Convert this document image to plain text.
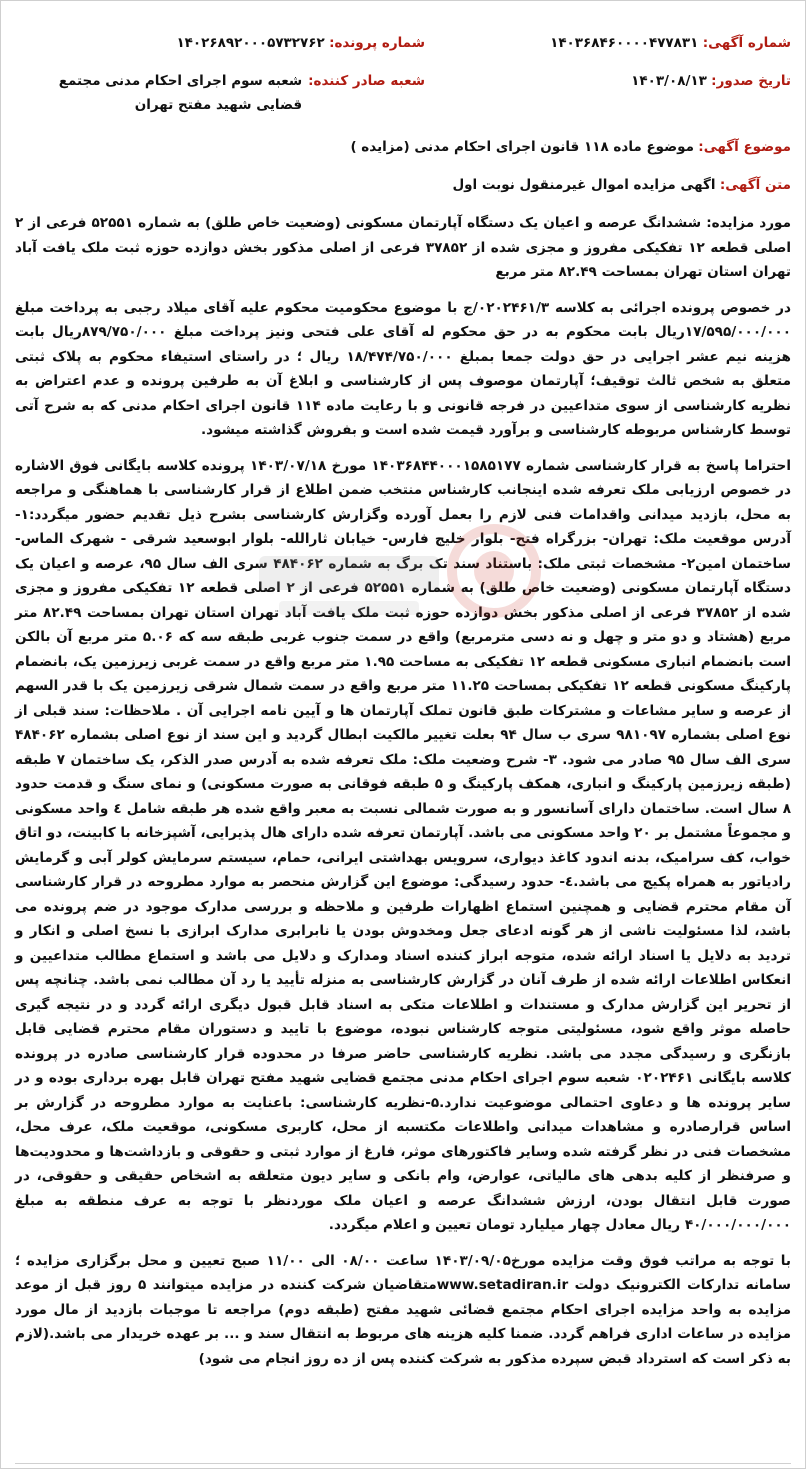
شماره آگهی: ۱۴۰۳۶۸۴۶۰۰۰۰۴۷۷۸۳۱
شماره پرونده: ۱۴۰۲۶۸۹۲۰۰۰۵۷۳۲۷۶۲
تاریخ صدور: ۱۴۰۳/۰۸/۱۳
شعبه صادر کننده:
شعبه سوم اجرای احکام مدنی مجتمع قضایی شهید مفتح تهران
موضوع آگهی: موضوع ماده ۱۱۸ قانون اجرای احکام مدنی (مزایده )
متن آگهی: اگهی مزایده اموال غیرمنقول نوبت اول

مورد مزایده: ششدانگ عرصه و اعیان یک دستگاه آپارتمان مسکونی (وضعیت خاص طلق) به شماره ۵۲۵۵۱ فرعی از ۲ اصلی قطعه ۱۲ تفکیکی مفروز و مجزی شده از ۳۷۸۵۲ فرعی از اصلی مذکور بخش دوازده حوزه ثبت ملک یافت آباد تهران استان تهران بمساحت ۸۲.۴۹ متر مربع

در خصوص پرونده اجرائی به کلاسه ۰۲۰۲۴۶۱/۳/ج با موضوع محکومیت محکوم علیه آقای میلاد رجبی به پرداخت مبلغ ۱۷/۵۹۵/۰۰۰/۰۰۰ریال بابت محکوم به در حق محکوم له آقای علی فتحی ونیز پرداخت مبلغ ۸۷۹/۷۵۰/۰۰۰ریال بابت هزینه نیم عشر اجرایی در حق دولت جمعا بمبلغ ۱۸/۴۷۴/۷۵۰/۰۰۰ ریال ؛ در راستای استیفاء محکوم به پلاک ثبتی متعلق به شخص ثالث توقیف؛ آپارتمان موصوف پس از کارشناسی و ابلاغ آن به طرفین پرونده و عدم اعتراض به نظریه کارشناسی از سوی متداعیین در فرجه قانونی و با رعایت ماده ۱۱۴ قانون اجرای احکام مدنی که به شرح آتی توسط کارشناس مربوطه کارشناسی و برآورد قیمت شده است و بفروش گذاشته میشود.

احتراما پاسخ به قرار کارشناسی شماره ۱۴۰۳۶۸۴۴۰۰۰۱۵۸۵۱۷۷ مورخ ۱۴۰۳/۰۷/۱۸ پرونده کلاسه بایگانی فوق الاشاره در خصوص ارزیابی ملک تعرفه شده اینجانب کارشناس منتخب ضمن اطلاع از قرار کارشناسی با هماهنگی و مراجعه به محل، بازدید میدانی واقدامات فنی لازم را بعمل آورده وگزارش کارشناسی بشرح ذیل تقدیم حضور میگردد:۱- آدرس موقعیت ملک: تهران- بزرگراه فتح- بلوار خلیج فارس- خیابان ثارالله- بلوار ابوسعید شرقی - شهرک الماس- ساختمان امین۲- مشخصات ثبتی ملک: باستناد سند تک برگ به شماره ۴۸۴۰۶۲ سری الف سال ۹۵، عرصه و اعیان یک دستگاه آپارتمان مسکونی (وضعیت خاص طلق) به شماره ۵۲۵۵۱ فرعی از ۲ اصلی قطعه ۱۲ تفکیکی مفروز و مجزی شده از ۳۷۸۵۲ فرعی از اصلی مذکور بخش دوازده حوزه ثبت ملک یافت آباد تهران استان تهران بمساحت ۸۲.۴۹ متر مربع (هشتاد و دو متر و چهل و نه دسی مترمربع) واقع در سمت جنوب غربی طبقه سه که ۵.۰۶ متر مربع آن بالکن است بانضمام انباری مسکونی قطعه ۱۲ تفکیکی به مساحت ۱.۹۵ متر مربع واقع در سمت غربی زیرزمین یک، بانضمام پارکینگ مسکونی قطعه ۱۲ تفکیکی بمساحت ۱۱.۲۵ متر مربع واقع در سمت شمال شرقی زیرزمین یک با قدر السهم از عرصه و سایر مشاعات و مشترکات طبق قانون تملک آپارتمان ها و آیین نامه اجرایی آن . ملاحظات: سند قبلی از نوع اصلی بشماره ۹۸۱۰۹۷ سری ب سال ۹۴ بعلت تغییر مالکیت ابطال گردید و این سند از نوع اصلی بشماره ۴۸۴۰۶۲ سری الف سال ۹۵ صادر می شود. ۳- شرح وضعیت ملک: ملک تعرفه شده به آدرس صدر الذکر، یک ساختمان ۷ طبقه (طبقه زیرزمین پارکینگ و انباری، همکف پارکینگ و ۵ طبقه فوقانی به صورت مسکونی) و نمای سنگ و قدمت حدود ۸ سال است. ساختمان دارای آسانسور و به صورت شمالی نسبت به معبر واقع شده هر طبقه شامل ٤ واحد مسکونی و مجموعاً مشتمل بر ۲۰ واحد مسکونی می باشد. آپارتمان تعرفه شده دارای هال پذیرایی، آشپزخانه با کابینت، دو اتاق خواب، کف سرامیک، بدنه اندود کاغذ دیواری، سرویس بهداشتی ایرانی، حمام، سیستم سرمایش کولر آبی و گرمایش رادیاتور به همراه پکیج می باشد.٤- حدود رسیدگی: موضوع این گزارش منحصر به موارد مطروحه در قرار کارشناسی آن مقام محترم قضایی و همچنین استماع اظهارات طرفین و ملاحظه و بررسی مدارک موجود در ضم پرونده می باشد، لذا مسئولیت ناشی از هر گونه ادعای جعل ومخدوش بودن یا نابرابری مدارک ابرازی با نسخ اصلی و انکار و تردید به دلایل یا اسناد ارائه شده، متوجه ابراز کننده اسناد ومدارک و دلایل می باشد و استماع مطالب متداعیین و انعکاس اطلاعات ارائه شده از طرف آنان در گزارش کارشناسی به منزله تأیید یا رد آن مطالب نمی باشد. چنانچه پس از تحریر این گزارش مدارک و مستندات و اطلاعات متکی به اسناد قابل قبول دیگری ارائه گردد و در نتیجه گیری حاصله موثر واقع شود، مسئولیتی متوجه کارشناس نبوده، موضوع با تایید و دستوران مقام محترم قضایی قابل بازنگری و رسیدگی مجدد می باشد. نظریه کارشناسی حاضر صرفا در محدوده قرار کارشناسی صادره در پرونده کلاسه بایگانی ۰۲۰۲۴۶۱ شعبه سوم اجرای احکام مدنی مجتمع قضایی شهید مفتح تهران قابل بهره برداری بوده و در سایر پرونده ها و دعاوی احتمالی موضوعیت ندارد.۵-نظریه کارشناسی: باعنایت به موارد مطروحه در گزارش بر اساس قرارصادره و مشاهدات میدانی واطلاعات مکتسبه از محل، کاربری مسکونی، موقعیت ملک، عرف محل، مشخصات فنی در نظر گرفته شده وسایر فاکتورهای موثر، فارغ از موارد ثبتی و حقوقی و بازداشت‌ها و محدودیت‌ها و صرفنظر از کلیه بدهی های مالیاتی، عوارض، وام بانکی و سایر دیون متعلقه به اشخاص حقیقی و حقوقی، در صورت قابل انتقال بودن، ارزش ششدانگ عرصه و اعیان ملک موردنظر با توجه به عرف منطقه به مبلغ ۴۰/۰۰۰/۰۰۰/۰۰۰ ریال معادل چهار میلیارد تومان تعیین و اعلام میگردد.

با توجه به مراتب فوق وقت مزایده مورخ۱۴۰۳/۰۹/۰۵ ساعت ۰۸/۰۰ الی ۱۱/۰۰ صبح تعیین و محل برگزاری مزایده ؛سامانه تدارکات الکترونیک دولت www.setadiran.irمتقاضیان شرکت کننده در مزایده میتوانند ۵ روز قبل از موعد مزایده به واحد مزایده اجرای احکام مجتمع قضائی شهید مفتح (طبقه دوم) مراجعه تا موجبات بازدید از مال مورد مزایده در ساعات اداری فراهم گردد. ضمنا کلیه هزینه های مربوط به انتقال سند و ... بر عهده خریدار می باشد.(لازم به ذکر است که استرداد قبض سپرده مذکور به شرکت کننده پس از ده روز انجام می شود)
